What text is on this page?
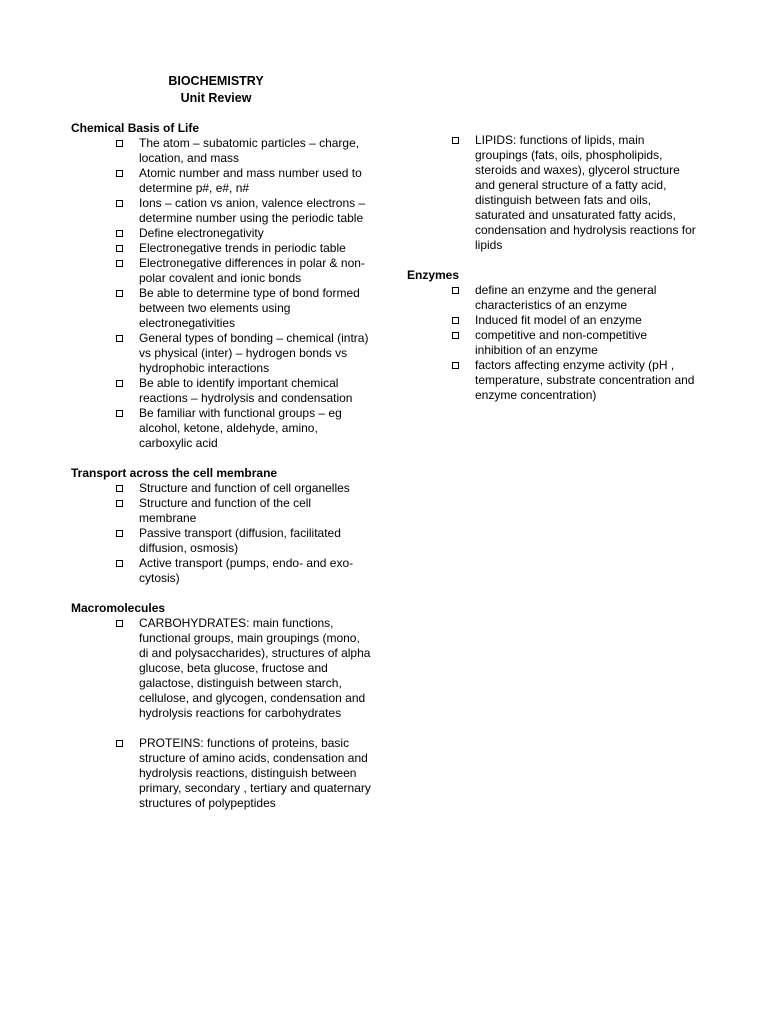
BIOCHEMISTRY
Unit Review
Chemical Basis of Life
The atom – subatomic particles – charge, location, and mass
Atomic number and mass number used to determine p#, e#, n#
Ions – cation vs anion, valence electrons – determine number using the periodic table
Define electronegativity
Electronegative trends in periodic table
Electronegative differences in polar & non-polar covalent and ionic bonds
Be able to determine type of bond formed between two elements using electronegativities
General types of bonding – chemical (intra) vs physical (inter) – hydrogen bonds vs hydrophobic interactions
Be able to identify important chemical reactions – hydrolysis and condensation
Be familiar with functional groups – eg alcohol, ketone, aldehyde, amino, carboxylic acid
Transport across the cell membrane
Structure and function of cell organelles
Structure and function of the cell membrane
Passive transport (diffusion, facilitated diffusion, osmosis)
Active transport (pumps, endo- and exo- cytosis)
Macromolecules
CARBOHYDRATES: main functions, functional groups, main groupings (mono, di and polysaccharides), structures of alpha glucose, beta glucose, fructose and galactose, distinguish between starch, cellulose, and glycogen, condensation and hydrolysis reactions for carbohydrates
PROTEINS: functions of proteins, basic structure of amino acids, condensation and hydrolysis reactions, distinguish between primary, secondary , tertiary and quaternary structures of polypeptides
LIPIDS: functions of lipids, main groupings (fats, oils, phospholipids, steroids and waxes), glycerol structure and general structure of a fatty acid, distinguish between fats and oils, saturated and unsaturated fatty acids, condensation and hydrolysis reactions for lipids
Enzymes
define an enzyme and the general characteristics of an enzyme
Induced fit model of an enzyme
competitive and non-competitive inhibition of an enzyme
factors affecting enzyme activity (pH , temperature, substrate concentration and enzyme concentration)
